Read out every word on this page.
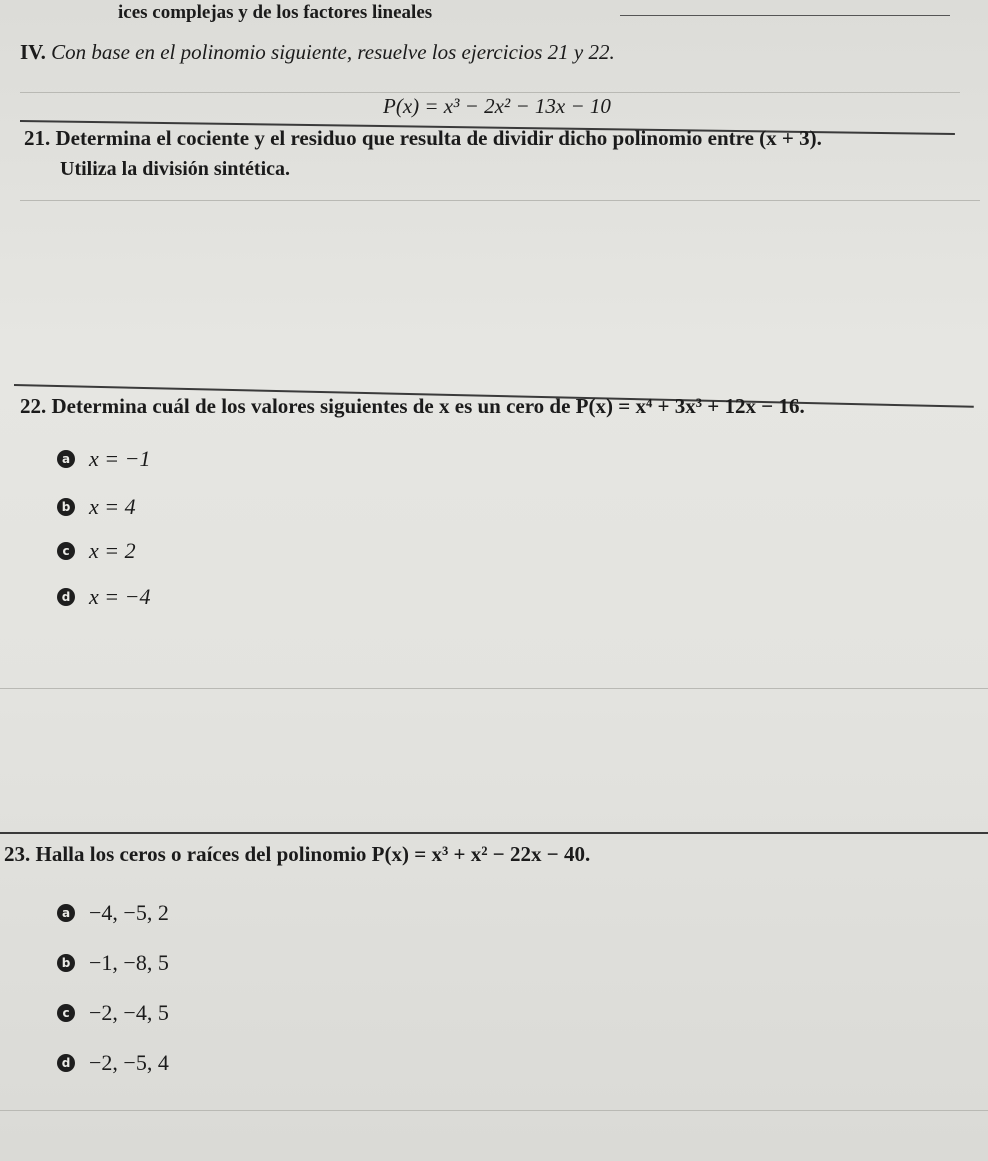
ices complejas y de los factores lineales
IV. Con base en el polinomio siguiente, resuelve los ejercicios 21 y 22.
P(x) = x³ − 2x² − 13x − 10
21. Determina el cociente y el residuo que resulta de dividir dicho polinomio entre (x + 3).
Utiliza la división sintética.
22. Determina cuál de los valores siguientes de x es un cero de P(x) = x⁴ + 3x³ + 12x − 16.
a x = −1
b x = 4
c x = 2
d x = −4
23. Halla los ceros o raíces del polinomio P(x) = x³ + x² − 22x − 40.
a −4, −5, 2
b −1, −8, 5
c −2, −4, 5
d −2, −5, 4
